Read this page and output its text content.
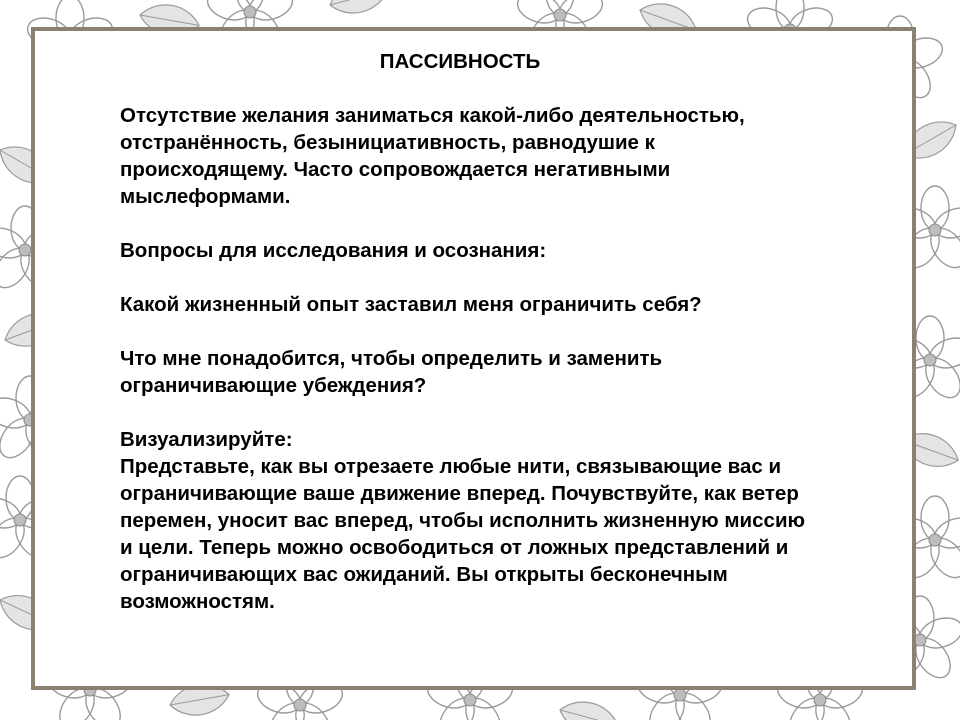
ПАССИВНОСТЬ

Отсутствие желания заниматься какой-либо деятельностью,
отстранённость, безынициативность, равнодушие к
происходящему. Часто сопровождается негативными
мыслеформами.

Вопросы для исследования и осознания:

Какой жизненный опыт заставил меня ограничить себя?

Что мне понадобится, чтобы определить и заменить
ограничивающие убеждения?

Визуализируйте:

Представьте, как вы отрезаете любые нити, связывающие вас и
ограничивающие ваше движение вперед. Почувствуйте, как ветер
перемен, уносит вас вперед, чтобы исполнить жизненную миссию
и цели. Теперь можно освободиться от ложных представлений и
ограничивающих вас ожиданий. Вы открыты бесконечным
возможностям.
